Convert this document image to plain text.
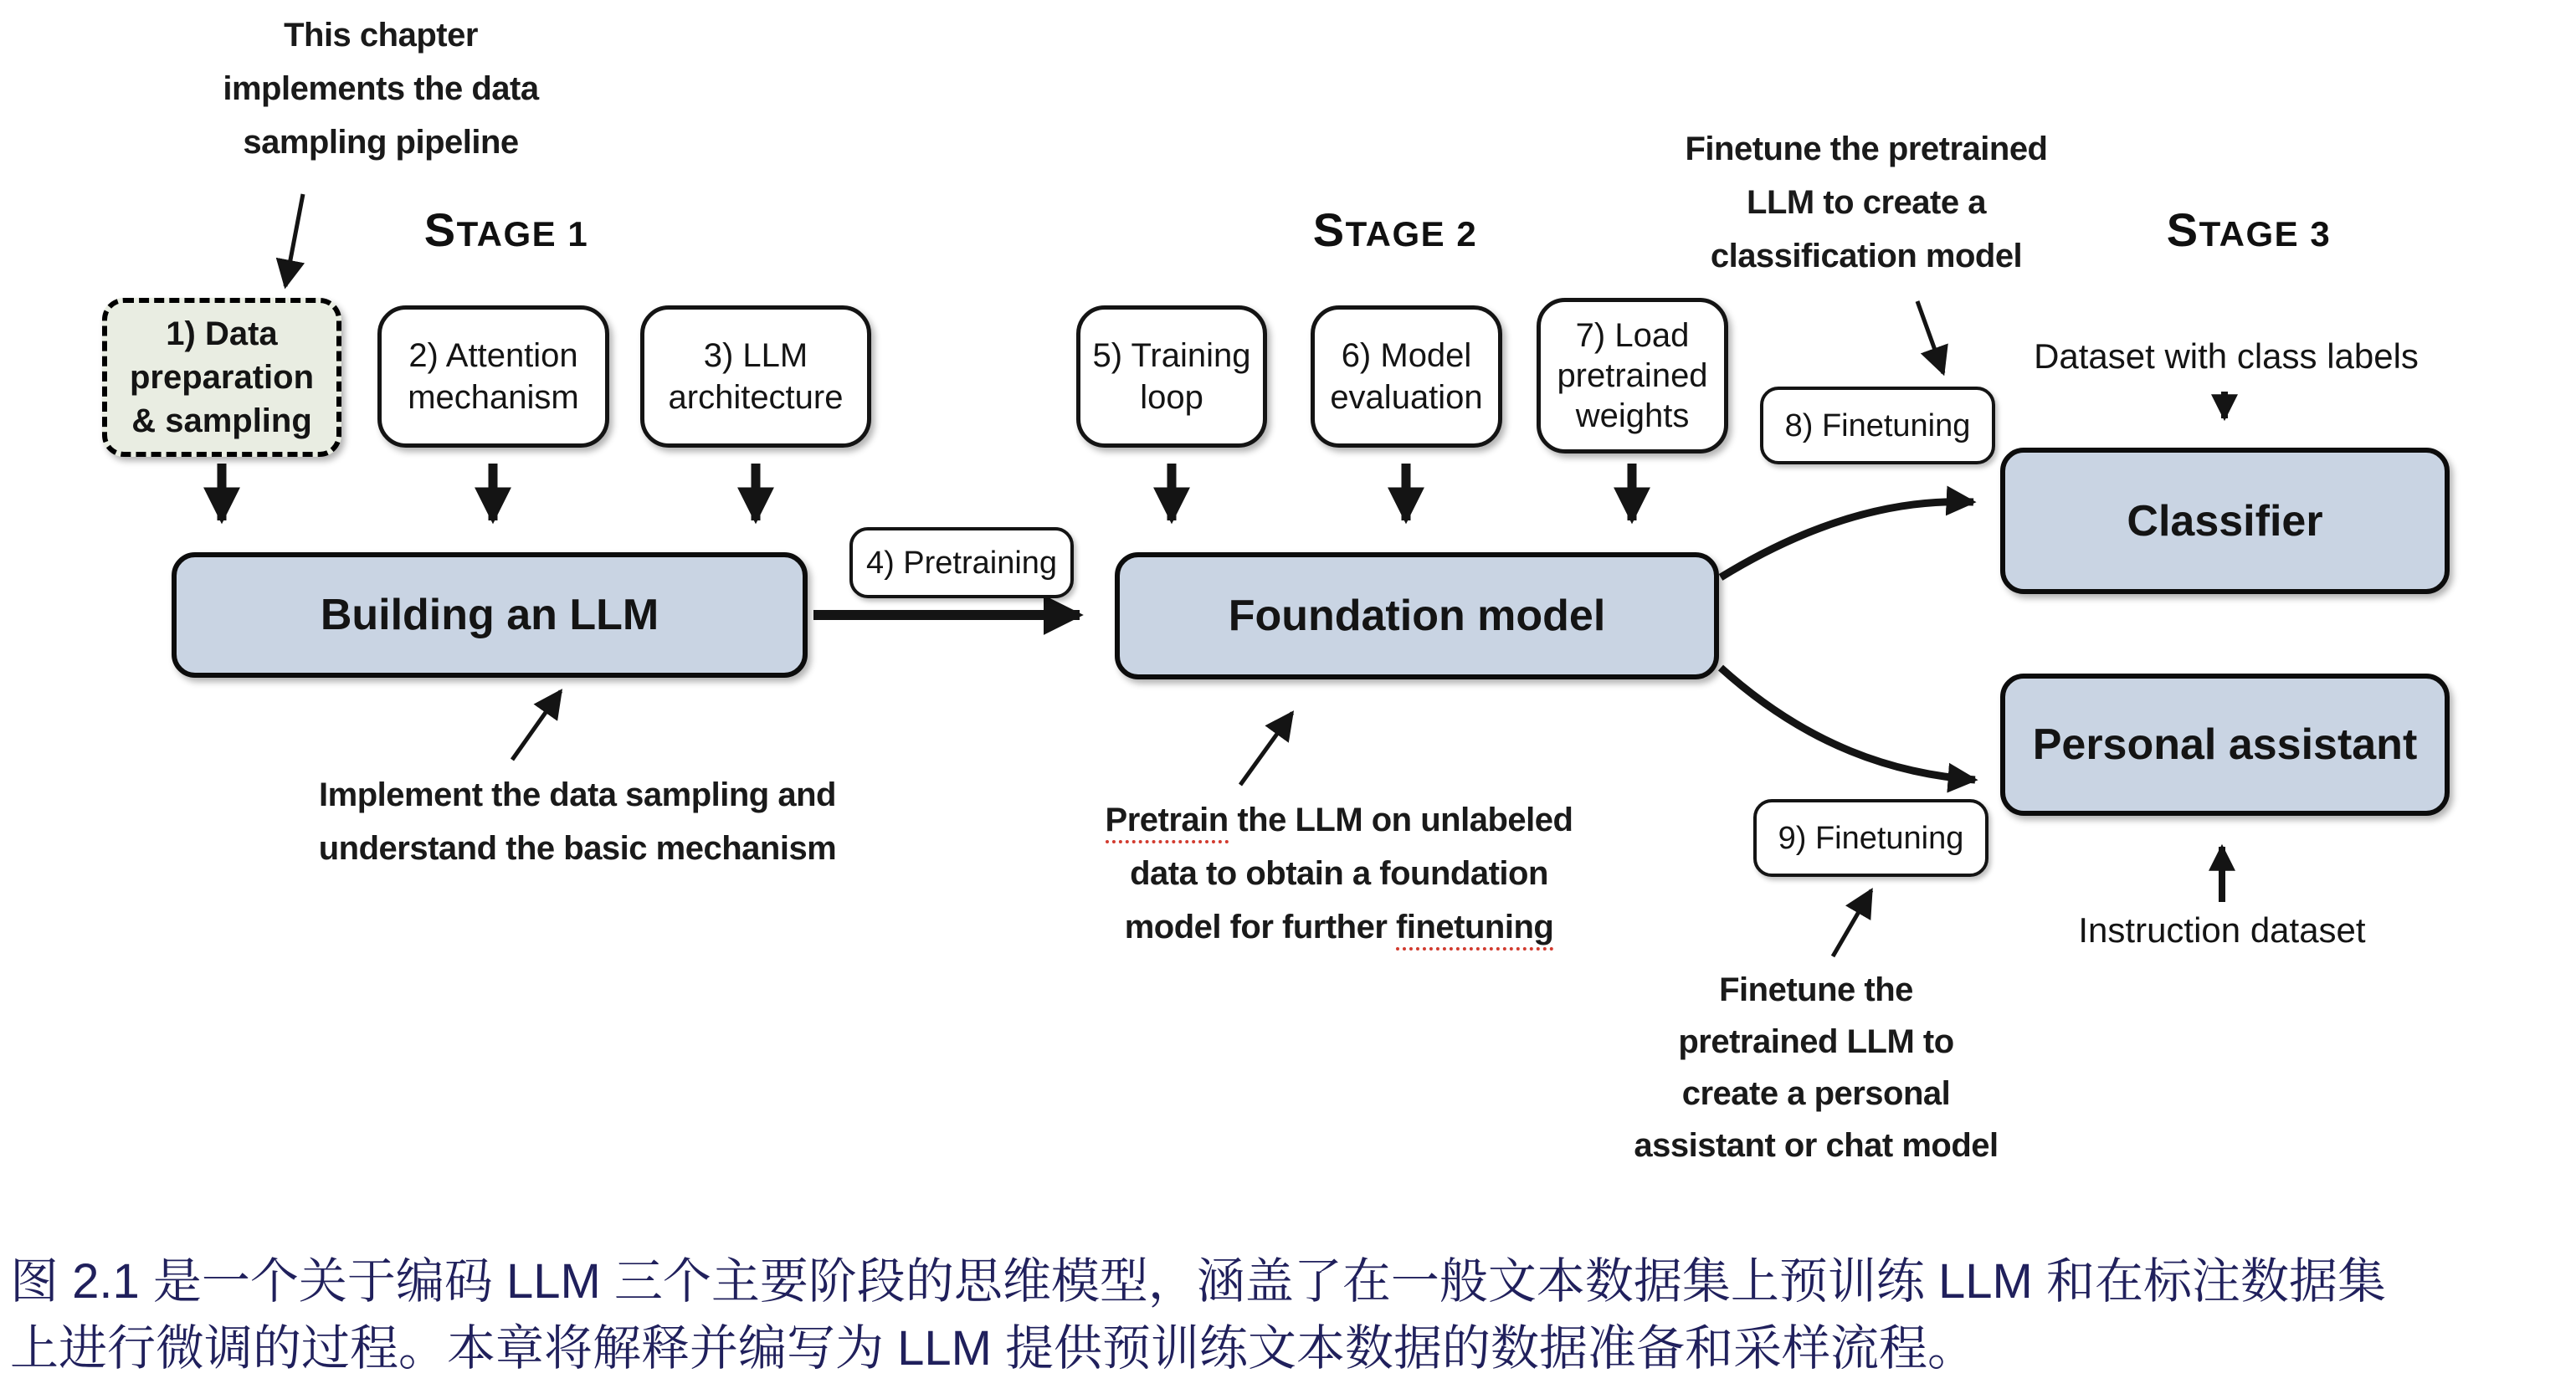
This chapter
implements the data
sampling pipeline
Implement the data sampling and
understand the basic mechanism
Pretrain the LLM on unlabeled
data to obtain a foundation
model for further finetuning
Finetune the pretrained
LLM to create a
classification model
Finetune the
pretrained LLM to
create a personal
assistant or chat model
STAGE 1	STAGE 2	STAGE 3
Dataset with class labels
Instruction dataset
1) Data
preparation
& sampling
2) Attention
mechanism
3) LLM
architecture
Building an LLM
4) Pretraining
5) Training
loop
6) Model
evaluation
7) Load
pretrained
weights
Foundation model
8) Finetuning
Classifier
Personal assistant
9) Finetuning
图 2.1 是一个关于编码 LLM 三个主要阶段的思维模型，涵盖了在一般文本数据集上预训练 LLM 和在标注数据集
上进行微调的过程。本章将解释并编写为 LLM 提供预训练文本数据的数据准备和采样流程。
